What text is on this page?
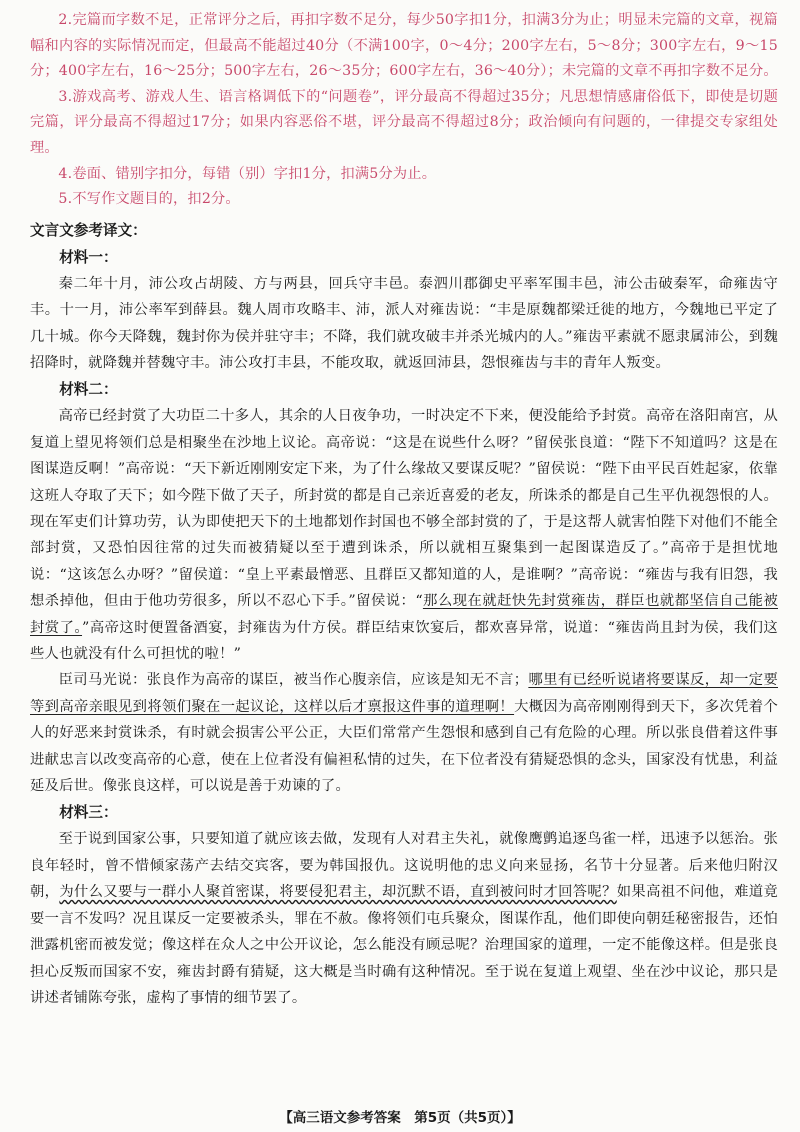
2.完篇而字数不足，正常评分之后，再扣字数不足分，每少50字扣1分，扣满3分为止；明显未完篇的文章，视篇幅和内容的实际情况而定，但最高不能超过40分（不满100字，0～4分；200字左右，5～8分；300字左右，9～15分；400字左右，16～25分；500字左右，26～35分；600字左右，36～40分）；未完篇的文章不再扣字数不足分。

3.游戏高考、游戏人生、语言格调低下的“问题卷”，评分最高不得超过35分；凡思想情感庸俗低下，即使是切题完篇，评分最高不得超过17分；如果内容恶俗不堪，评分最高不得超过8分；政治倾向有问题的，一律提交专家组处理。

4.卷面、错别字扣分，每错（别）字扣1分，扣满5分为止。

5.不写作文题目的，扣2分。

文言文参考译文：

材料一：

秦二年十月，沛公攻占胡陵、方与两县，回兵守丰邑。泰泗川郡御史平率军围丰邑，沛公击破秦军，命雍齿守丰。十一月，沛公率军到薛县。魏人周市攻略丰、沛，派人对雍齿说：“丰是原魏都梁迁徙的地方，今魏地已平定了几十城。你今天降魏，魏封你为侯并驻守丰；不降，我们就攻破丰并杀光城内的人。”雍齿平素就不愿隶属沛公，到魏招降时，就降魏并替魏守丰。沛公攻打丰县，不能攻取，就返回沛县，怨恨雍齿与丰的青年人叛变。

材料二：

高帝已经封赏了大功臣二十多人，其余的人日夜争功，一时决定不下来，便没能给予封赏。高帝在洛阳南宫，从复道上望见将领们总是相聚坐在沙地上议论。高帝说：“这是在说些什么呀？”留侯张良道：“陛下不知道吗？这是在图谋造反啊！”高帝说：“天下新近刚刚安定下来，为了什么缘故又要谋反呢？”留侯说：“陛下由平民百姓起家，依靠这班人夺取了天下；如今陛下做了天子，所封赏的都是自己亲近喜爱的老友，所诛杀的都是自己生平仇视怨恨的人。现在军吏们计算功劳，认为即使把天下的土地都划作封国也不够全部封赏的了，于是这帮人就害怕陛下对他们不能全部封赏，又恐怕因往常的过失而被猜疑以至于遭到诛杀，所以就相互聚集到一起图谋造反了。”高帝于是担忧地说：“这该怎么办呀？”留侯道：“皇上平素最憎恶、且群臣又都知道的人，是谁啊？”高帝说：“雍齿与我有旧怨，我想杀掉他，但由于他功劳很多，所以不忍心下手。”留侯说：“那么现在就赶快先封赏雍齿，群臣也就都坚信自己能被封赏了。”高帝这时便置备酒宴，封雍齿为什方侯。群臣结束饮宴后，都欢喜异常，说道：“雍齿尚且封为侯，我们这些人也就没有什么可担忧的啦！”

臣司马光说：张良作为高帝的谋臣，被当作心腹亲信，应该是知无不言；哪里有已经听说诸将要谋反，却一定要等到高帝亲眼见到将领们聚在一起议论，这样以后才禀报这件事的道理啊！大概因为高帝刚刚得到天下，多次凭着个人的好恶来封赏诛杀，有时就会损害公平公正，大臣们常常产生怨恨和感到自己有危险的心理。所以张良借着这件事进献忠言以改变高帝的心意，使在上位者没有偏袒私情的过失，在下位者没有猜疑恐惧的念头，国家没有忧患，利益延及后世。像张良这样，可以说是善于劝谏的了。

材料三：

至于说到国家公事，只要知道了就应该去做，发现有人对君主失礼，就像鹰鹯追逐鸟雀一样，迅速予以惩治。张良年轻时，曾不惜倾家荡产去结交宾客，要为韩国报仇。这说明他的忠义向来显扬，名节十分显著。后来他归附汉朝，为什么又要与一群小人聚首密谋，将要侵犯君主，却沉默不语，直到被问时才回答呢？如果高祖不问他，难道竟要一言不发吗？况且谋反一定要被杀头，罪在不赦。像将领们屯兵聚众，图谋作乱，他们即使向朝廷秘密报告，还怕泄露机密而被发觉；像这样在众人之中公开议论，怎么能没有顾忌呢？治理国家的道理，一定不能像这样。但是张良担心反叛而国家不安，雍齿封爵有猜疑，这大概是当时确有这种情况。至于说在复道上观望、坐在沙中议论，那只是讲述者铺陈夸张，虚构了事情的细节罢了。

【高三语文参考答案　第5页（共5页）】
